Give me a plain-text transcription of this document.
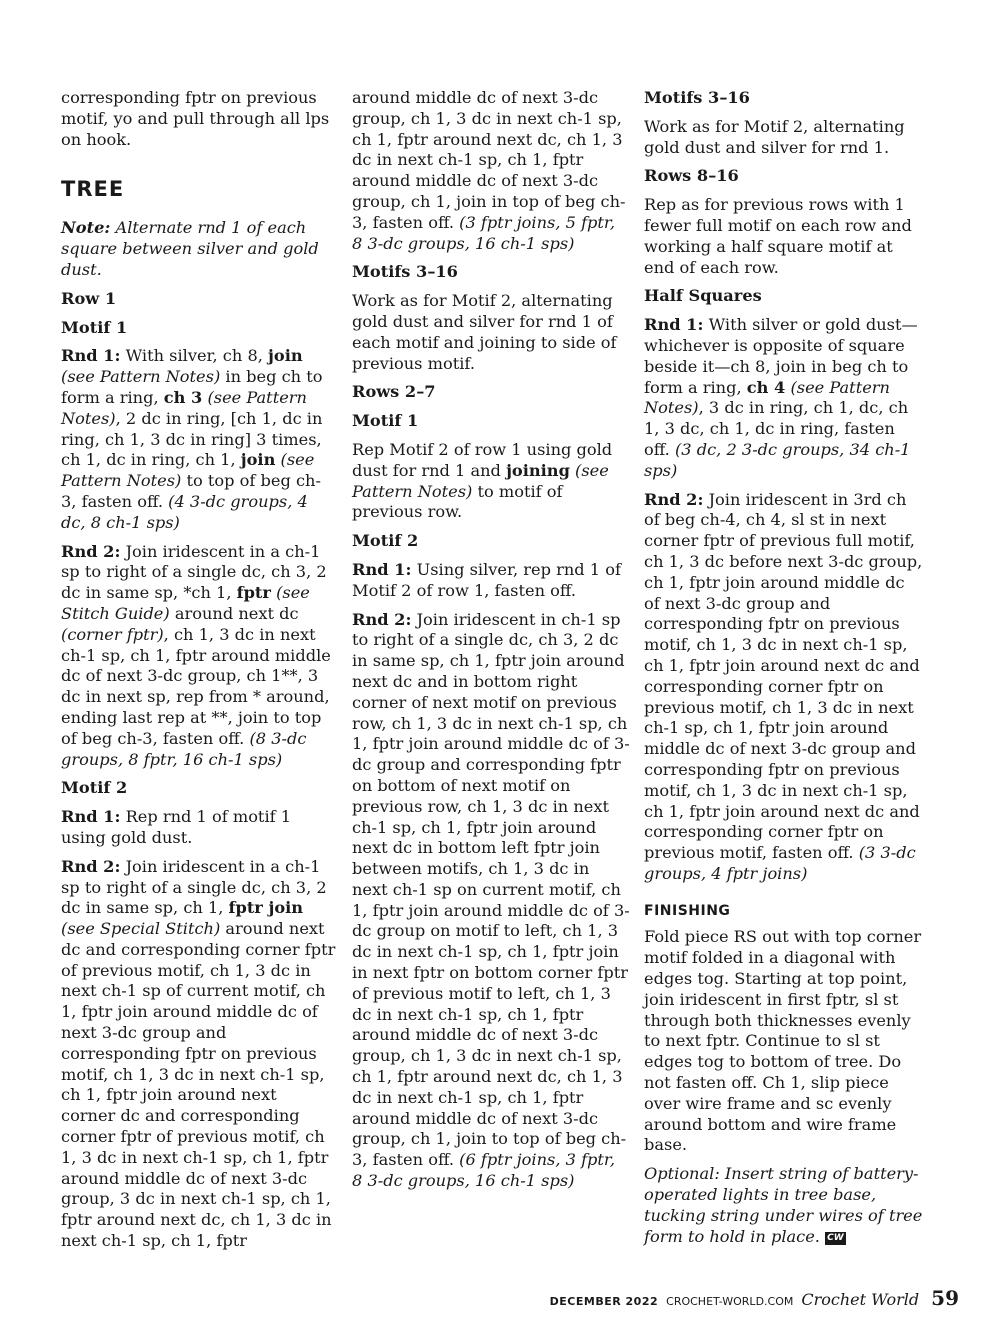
corresponding fptr on previous motif, yo and pull through all lps on hook.

TREE

Note: Alternate rnd 1 of each square between silver and gold dust.

Row 1
Motif 1

Rnd 1: With silver, ch 8, join (see Pattern Notes) in beg ch to form a ring, ch 3 (see Pattern Notes), 2 dc in ring, [ch 1, dc in ring, ch 1, 3 dc in ring] 3 times, ch 1, dc in ring, ch 1, join (see Pattern Notes) to top of beg ch-3, fasten off. (4 3-dc groups, 4 dc, 8 ch-1 sps)

Rnd 2: Join iridescent in a ch-1 sp to right of a single dc, ch 3, 2 dc in same sp, *ch 1, fptr (see Stitch Guide) around next dc (corner fptr), ch 1, 3 dc in next ch-1 sp, ch 1, fptr around middle dc of next 3-dc group, ch 1**, 3 dc in next sp, rep from * around, ending last rep at **, join to top of beg ch-3, fasten off. (8 3-dc groups, 8 fptr, 16 ch-1 sps)

Motif 2

Rnd 1: Rep rnd 1 of motif 1 using gold dust.

Rnd 2: Join iridescent in a ch-1 sp to right of a single dc, ch 3, 2 dc in same sp, ch 1, fptr join (see Special Stitch) around next dc and corresponding corner fptr of previous motif, ch 1, 3 dc in next ch-1 sp of current motif, ch 1, fptr join around middle dc of next 3-dc group and corresponding fptr on previous motif, ch 1, 3 dc in next ch-1 sp, ch 1, fptr join around next corner dc and corresponding corner fptr of previous motif, ch 1, 3 dc in next ch-1 sp, ch 1, fptr around middle dc of next 3-dc group, 3 dc in next ch-1 sp, ch 1, fptr around next dc, ch 1, 3 dc in next ch-1 sp, ch 1, fptr

around middle dc of next 3-dc group, ch 1, 3 dc in next ch-1 sp, ch 1, fptr around next dc, ch 1, 3 dc in next ch-1 sp, ch 1, fptr around middle dc of next 3-dc group, ch 1, join in top of beg ch-3, fasten off. (3 fptr joins, 5 fptr, 8 3-dc groups, 16 ch-1 sps)

Motifs 3–16

Work as for Motif 2, alternating gold dust and silver for rnd 1 of each motif and joining to side of previous motif.

Rows 2–7
Motif 1

Rep Motif 2 of row 1 using gold dust for rnd 1 and joining (see Pattern Notes) to motif of previous row.

Motif 2

Rnd 1: Using silver, rep rnd 1 of Motif 2 of row 1, fasten off.

Rnd 2: Join iridescent in ch-1 sp to right of a single dc, ch 3, 2 dc in same sp, ch 1, fptr join around next dc and in bottom right corner of next motif on previous row, ch 1, 3 dc in next ch-1 sp, ch 1, fptr join around middle dc of 3-dc group and corresponding fptr on bottom of next motif on previous row, ch 1, 3 dc in next ch-1 sp, ch 1, fptr join around next dc in bottom left fptr join between motifs, ch 1, 3 dc in next ch-1 sp on current motif, ch 1, fptr join around middle dc of 3-dc group on motif to left, ch 1, 3 dc in next ch-1 sp, ch 1, fptr join in next fptr on bottom corner fptr of previous motif to left, ch 1, 3 dc in next ch-1 sp, ch 1, fptr around middle dc of next 3-dc group, ch 1, 3 dc in next ch-1 sp, ch 1, fptr around next dc, ch 1, 3 dc in next ch-1 sp, ch 1, fptr around middle dc of next 3-dc group, ch 1, join to top of beg ch-3, fasten off. (6 fptr joins, 3 fptr, 8 3-dc groups, 16 ch-1 sps)

Motifs 3–16

Work as for Motif 2, alternating gold dust and silver for rnd 1.

Rows 8–16

Rep as for previous rows with 1 fewer full motif on each row and working a half square motif at end of each row.

Half Squares

Rnd 1: With silver or gold dust—whichever is opposite of square beside it—ch 8, join in beg ch to form a ring, ch 4 (see Pattern Notes), 3 dc in ring, ch 1, dc, ch 1, 3 dc, ch 1, dc in ring, fasten off. (3 dc, 2 3-dc groups, 34 ch-1 sps)

Rnd 2: Join iridescent in 3rd ch of beg ch-4, ch 4, sl st in next corner fptr of previous full motif, ch 1, 3 dc before next 3-dc group, ch 1, fptr join around middle dc of next 3-dc group and corresponding fptr on previous motif, ch 1, 3 dc in next ch-1 sp, ch 1, fptr join around next dc and corresponding corner fptr on previous motif, ch 1, 3 dc in next ch-1 sp, ch 1, fptr join around middle dc of next 3-dc group and corresponding fptr on previous motif, ch 1, 3 dc in next ch-1 sp, ch 1, fptr join around next dc and corresponding corner fptr on previous motif, fasten off. (3 3-dc groups, 4 fptr joins)

FINISHING

Fold piece RS out with top corner motif folded in a diagonal with edges tog. Starting at top point, join iridescent in first fptr, sl st through both thicknesses evenly to next fptr. Continue to sl st edges tog to bottom of tree. Do not fasten off. Ch 1, slip piece over wire frame and sc evenly around bottom and wire frame base.

Optional: Insert string of battery-operated lights in tree base, tucking string under wires of tree form to hold in place. CW

DECEMBER 2022 CROCHET-WORLD.COM Crochet World 59
